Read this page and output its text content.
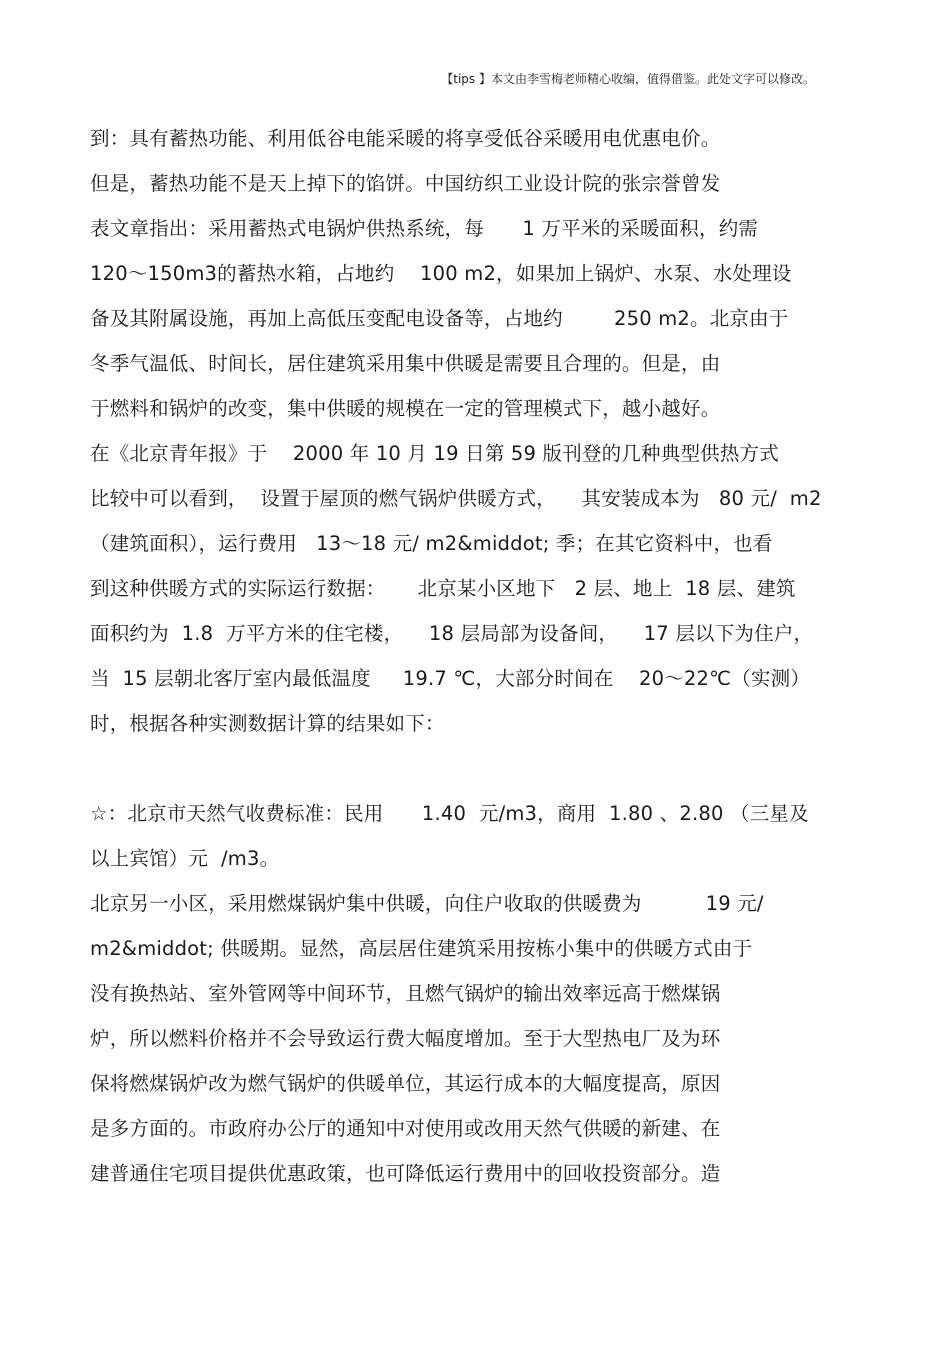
【tips 】本文由李雪梅老师精心收编，值得借鉴。此处文字可以修改。
到：具有蓄热功能、利用低谷电能采暖的将享受低谷采暖用电优惠电价。
但是，蓄热功能不是天上掉下的馅饼。中国纺织工业设计院的张宗誉曾发
表文章指出：采用蓄热式电锅炉供热系统，每      1 万平米的采暖面积，约需
120～150m3的蓄热水箱，占地约    100 m2，如果加上锅炉、水泵、水处理设
备及其附属设施，再加上高低压变配电设备等，占地约        250 m2。北京由于
冬季气温低、时间长，居住建筑采用集中供暖是需要且合理的。但是，由
于燃料和锅炉的改变，集中供暖的规模在一定的管理模式下，越小越好。
在《北京青年报》于    2000 年 10 月 19 日第 59 版刊登的几种典型供热方式
比较中可以看到，  设置于屋顶的燃气锅炉供暖方式，    其安装成本为   80 元/  m2
（建筑面积），运行费用   13～18 元/ m2&middot; 季；在其它资料中，也看
到这种供暖方式的实际运行数据：     北京某小区地下   2 层、地上  18 层、建筑
面积约为  1.8  万平方米的住宅楼，    18 层局部为设备间，    17 层以下为住户，
当  15 层朝北客厅室内最低温度     19.7 ℃，大部分时间在    20～22℃（实测）
时，根据各种实测数据计算的结果如下：
☆：北京市天然气收费标准：民用      1.40  元/m3，商用  1.80 、2.80 （三星及
以上宾馆）元  /m3。
北京另一小区，采用燃煤锅炉集中供暖，向住户收取的供暖费为          19 元/
m2&middot; 供暖期。显然，高层居住建筑采用按栋小集中的供暖方式由于
没有换热站、室外管网等中间环节，且燃气锅炉的输出效率远高于燃煤锅
炉，所以燃料价格并不会导致运行费大幅度增加。至于大型热电厂及为环
保将燃煤锅炉改为燃气锅炉的供暖单位，其运行成本的大幅度提高，原因
是多方面的。市政府办公厅的通知中对使用或改用天然气供暖的新建、在
建普通住宅项目提供优惠政策，也可降低运行费用中的回收投资部分。造
